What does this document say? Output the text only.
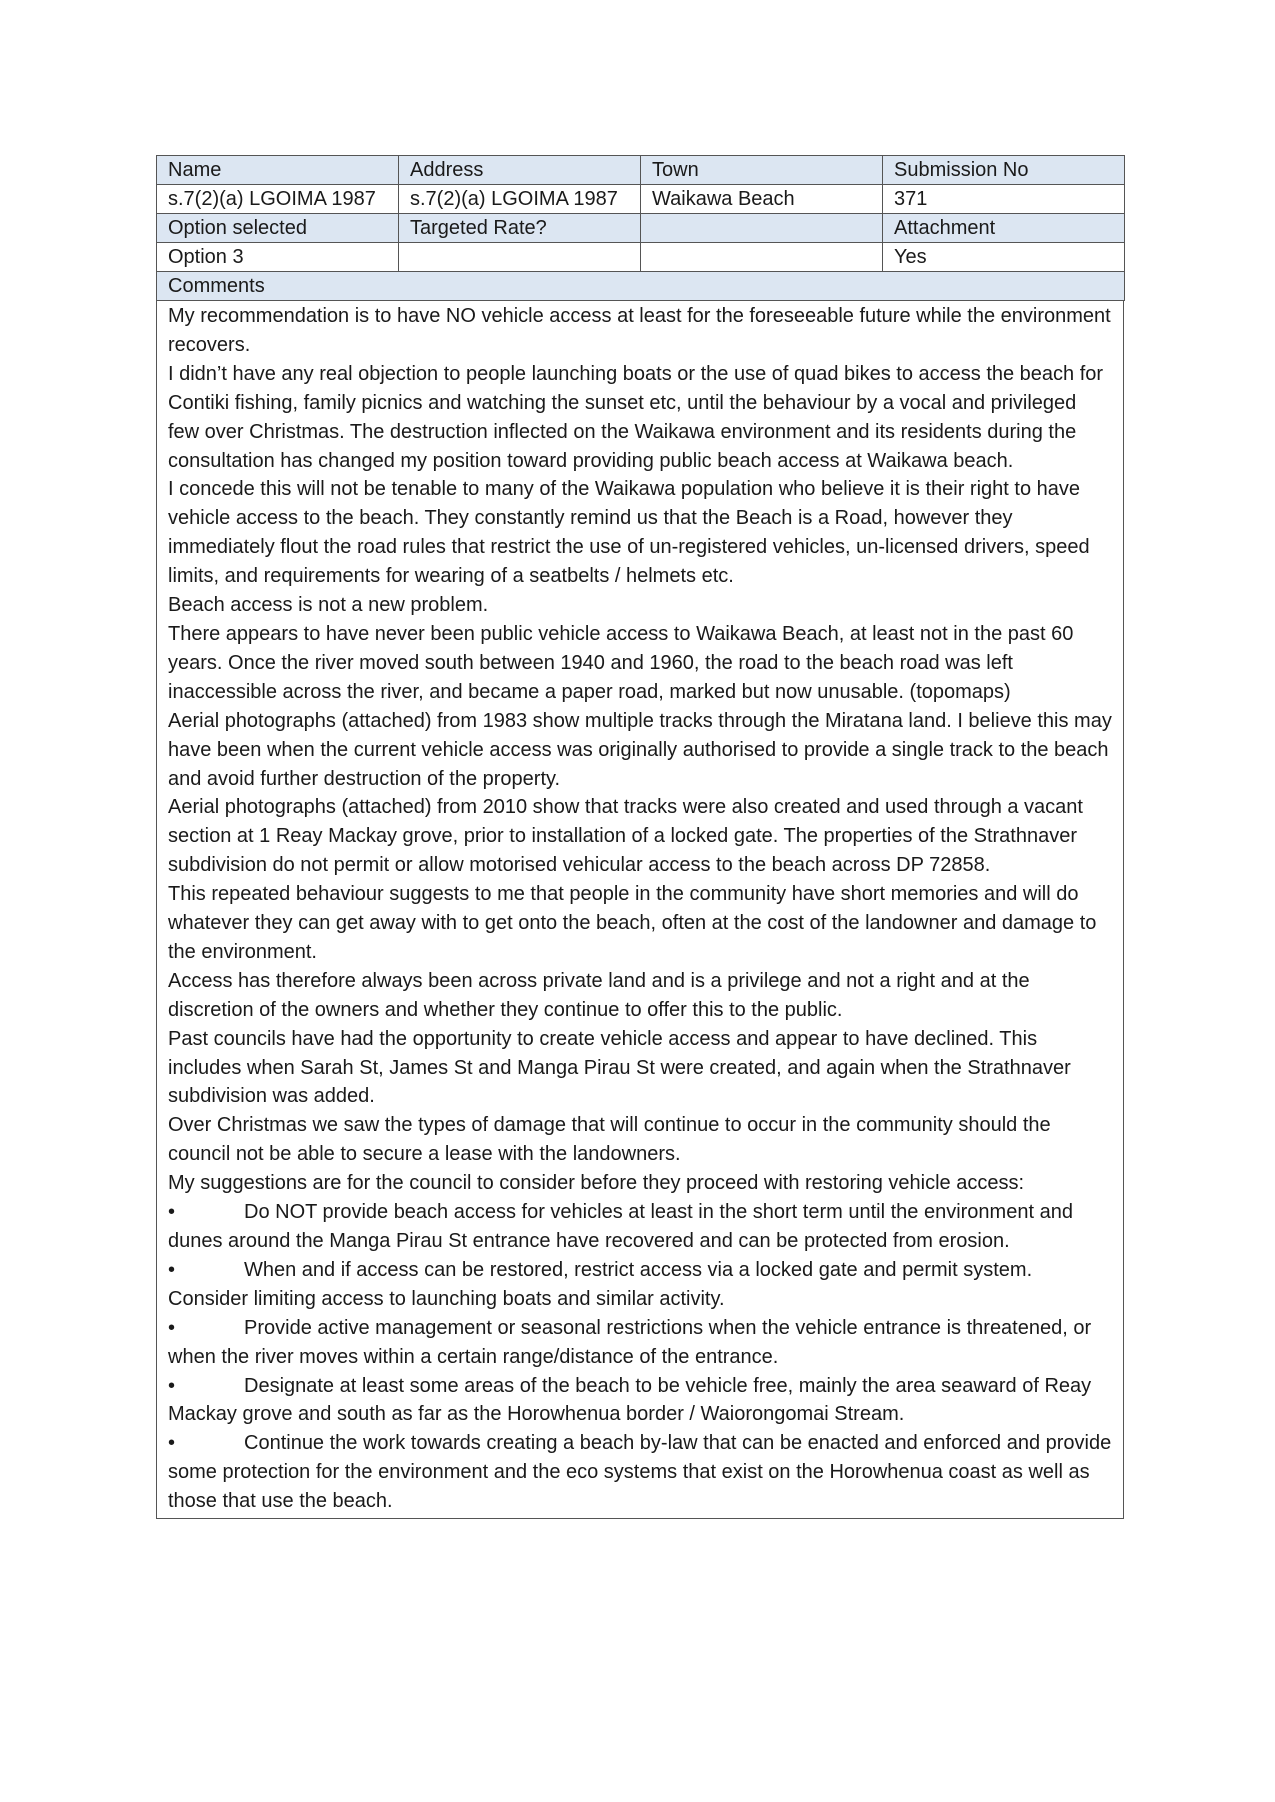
Name	Address	Town	Submission No
s.7(2)(a) LGOIMA 1987	s.7(2)(a) LGOIMA 1987	Waikawa Beach	371
Option selected	Targeted Rate?		Attachment
Option 3			Yes
Comments			

My recommendation is to have NO vehicle access at least for the foreseeable future while the environment recovers.

I didn’t have any real objection to people launching boats or the use of quad bikes to access the beach for Contiki fishing, family picnics and watching the sunset etc, until the behaviour by a vocal and privileged few over Christmas. The destruction inflected on the Waikawa environment and its residents during the consultation has changed my position toward providing public beach access at Waikawa beach.

I concede this will not be tenable to many of the Waikawa population who believe it is their right to have vehicle access to the beach. They constantly remind us that the Beach is a Road, however they immediately flout the road rules that restrict the use of un-registered vehicles, un-licensed drivers, speed limits, and requirements for wearing of a seatbelts / helmets etc.

Beach access is not a new problem.

There appears to have never been public vehicle access to Waikawa Beach, at least not in the past 60 years. Once the river moved south between 1940 and 1960, the road to the beach road was left inaccessible across the river, and became a paper road, marked but now unusable. (topomaps)

Aerial photographs (attached) from 1983 show multiple tracks through the Miratana land. I believe this may have been when the current vehicle access was originally authorised to provide a single track to the beach and avoid further destruction of the property.

Aerial photographs (attached) from 2010 show that tracks were also created and used through a vacant section at 1 Reay Mackay grove, prior to installation of a locked gate. The properties of the Strathnaver subdivision do not permit or allow motorised vehicular access to the beach across DP 72858.

This repeated behaviour suggests to me that people in the community have short memories and will do whatever they can get away with to get onto the beach, often at the cost of the landowner and damage to the environment.

Access has therefore always been across private land and is a privilege and not a right and at the discretion of the owners and whether they continue to offer this to the public.

Past councils have had the opportunity to create vehicle access and appear to have declined. This includes when Sarah St, James St and Manga Pirau St were created, and again when the Strathnaver subdivision was added.

Over Christmas we saw the types of damage that will continue to occur in the community should the council not be able to secure a lease with the landowners.

My suggestions are for the council to consider before they proceed with restoring vehicle access:

•	Do NOT provide beach access for vehicles at least in the short term until the environment and dunes around the Manga Pirau St entrance have recovered and can be protected from erosion.

•	When and if access can be restored, restrict access via a locked gate and permit system. Consider limiting access to launching boats and similar activity.

•	Provide active management or seasonal restrictions when the vehicle entrance is threatened, or when the river moves within a certain range/distance of the entrance.

•	Designate at least some areas of the beach to be vehicle free, mainly the area seaward of Reay Mackay grove and south as far as the Horowhenua border / Waiorongomai Stream.

•	Continue the work towards creating a beach by-law that can be enacted and enforced and provide some protection for the environment and the eco systems that exist on the Horowhenua coast as well as those that use the beach.
